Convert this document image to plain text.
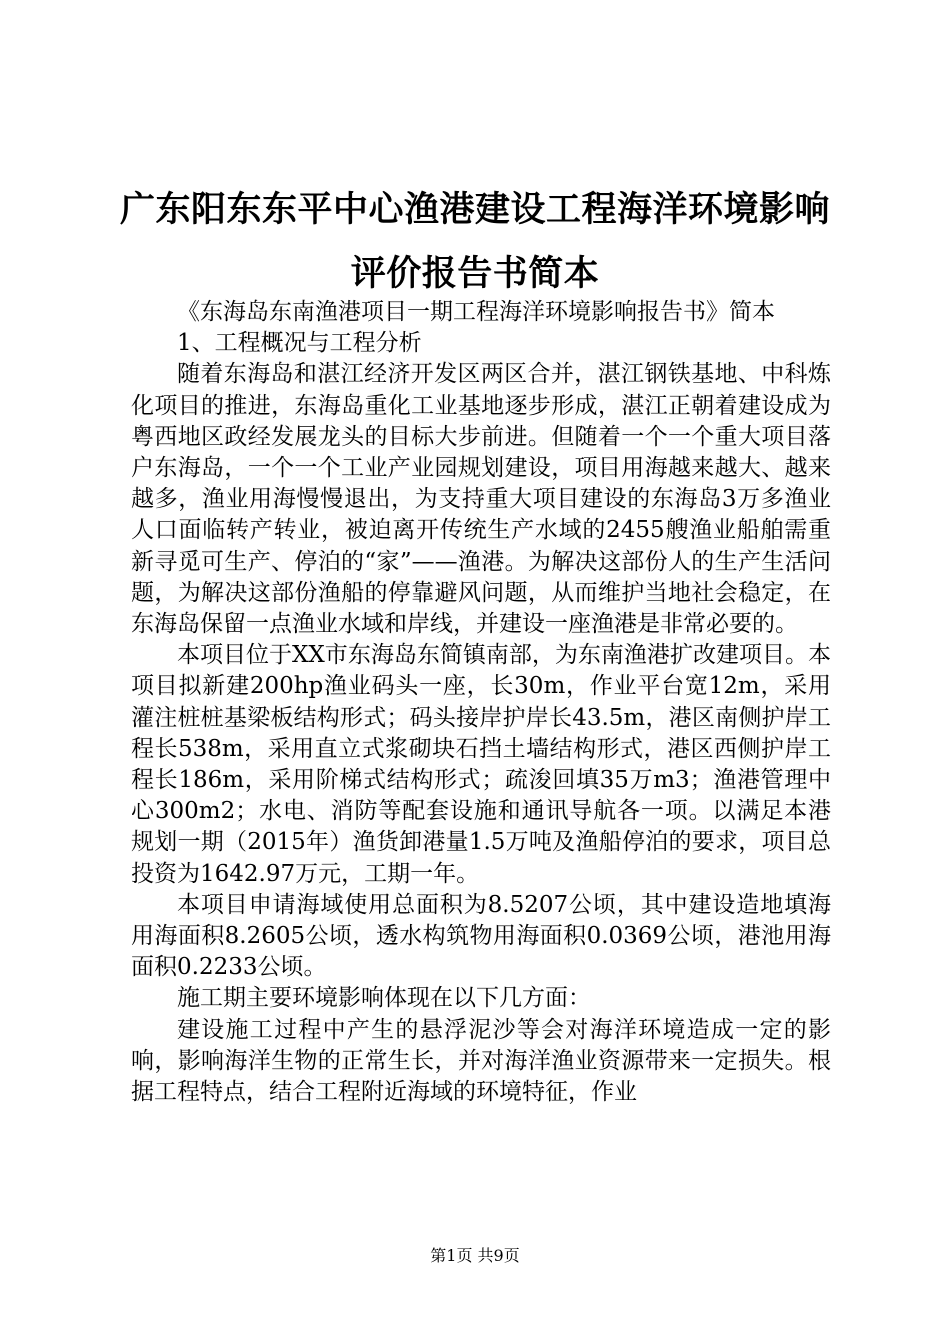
广东阳东东平中心渔港建设工程海洋环境影响评价报告书简本

《东海岛东南渔港项目一期工程海洋环境影响报告书》简本

1、工程概况与工程分析

随着东海岛和湛江经济开发区两区合并，湛江钢铁基地、中科炼化项目的推进，东海岛重化工业基地逐步形成，湛江正朝着建设成为粤西地区政经发展龙头的目标大步前进。但随着一个一个重大项目落户东海岛，一个一个工业产业园规划建设，项目用海越来越大、越来越多，渔业用海慢慢退出，为支持重大项目建设的东海岛3万多渔业人口面临转产转业，被迫离开传统生产水域的2455艘渔业船舶需重新寻觅可生产、停泊的“家”——渔港。为解决这部份人的生产生活问题，为解决这部份渔船的停靠避风问题，从而维护当地社会稳定，在东海岛保留一点渔业水域和岸线，并建设一座渔港是非常必要的。

本项目位于XX市东海岛东简镇南部，为东南渔港扩改建项目。本项目拟新建200hp渔业码头一座，长30m，作业平台宽12m，采用灌注桩桩基梁板结构形式；码头接岸护岸长43.5m，港区南侧护岸工程长538m，采用直立式浆砌块石挡土墙结构形式，港区西侧护岸工程长186m，采用阶梯式结构形式；疏浚回填35万m3；渔港管理中心300m2；水电、消防等配套设施和通讯导航各一项。以满足本港规划一期（2015年）渔货卸港量1.5万吨及渔船停泊的要求，项目总投资为1642.97万元，工期一年。

本项目申请海域使用总面积为8.5207公顷，其中建设造地填海用海面积8.2605公顷，透水构筑物用海面积0.0369公顷，港池用海面积0.2233公顷。

施工期主要环境影响体现在以下几方面：

建设施工过程中产生的悬浮泥沙等会对海洋环境造成一定的影响，影响海洋生物的正常生长，并对海洋渔业资源带来一定损失。根据工程特点，结合工程附近海域的环境特征，作业

第1页 共9页
